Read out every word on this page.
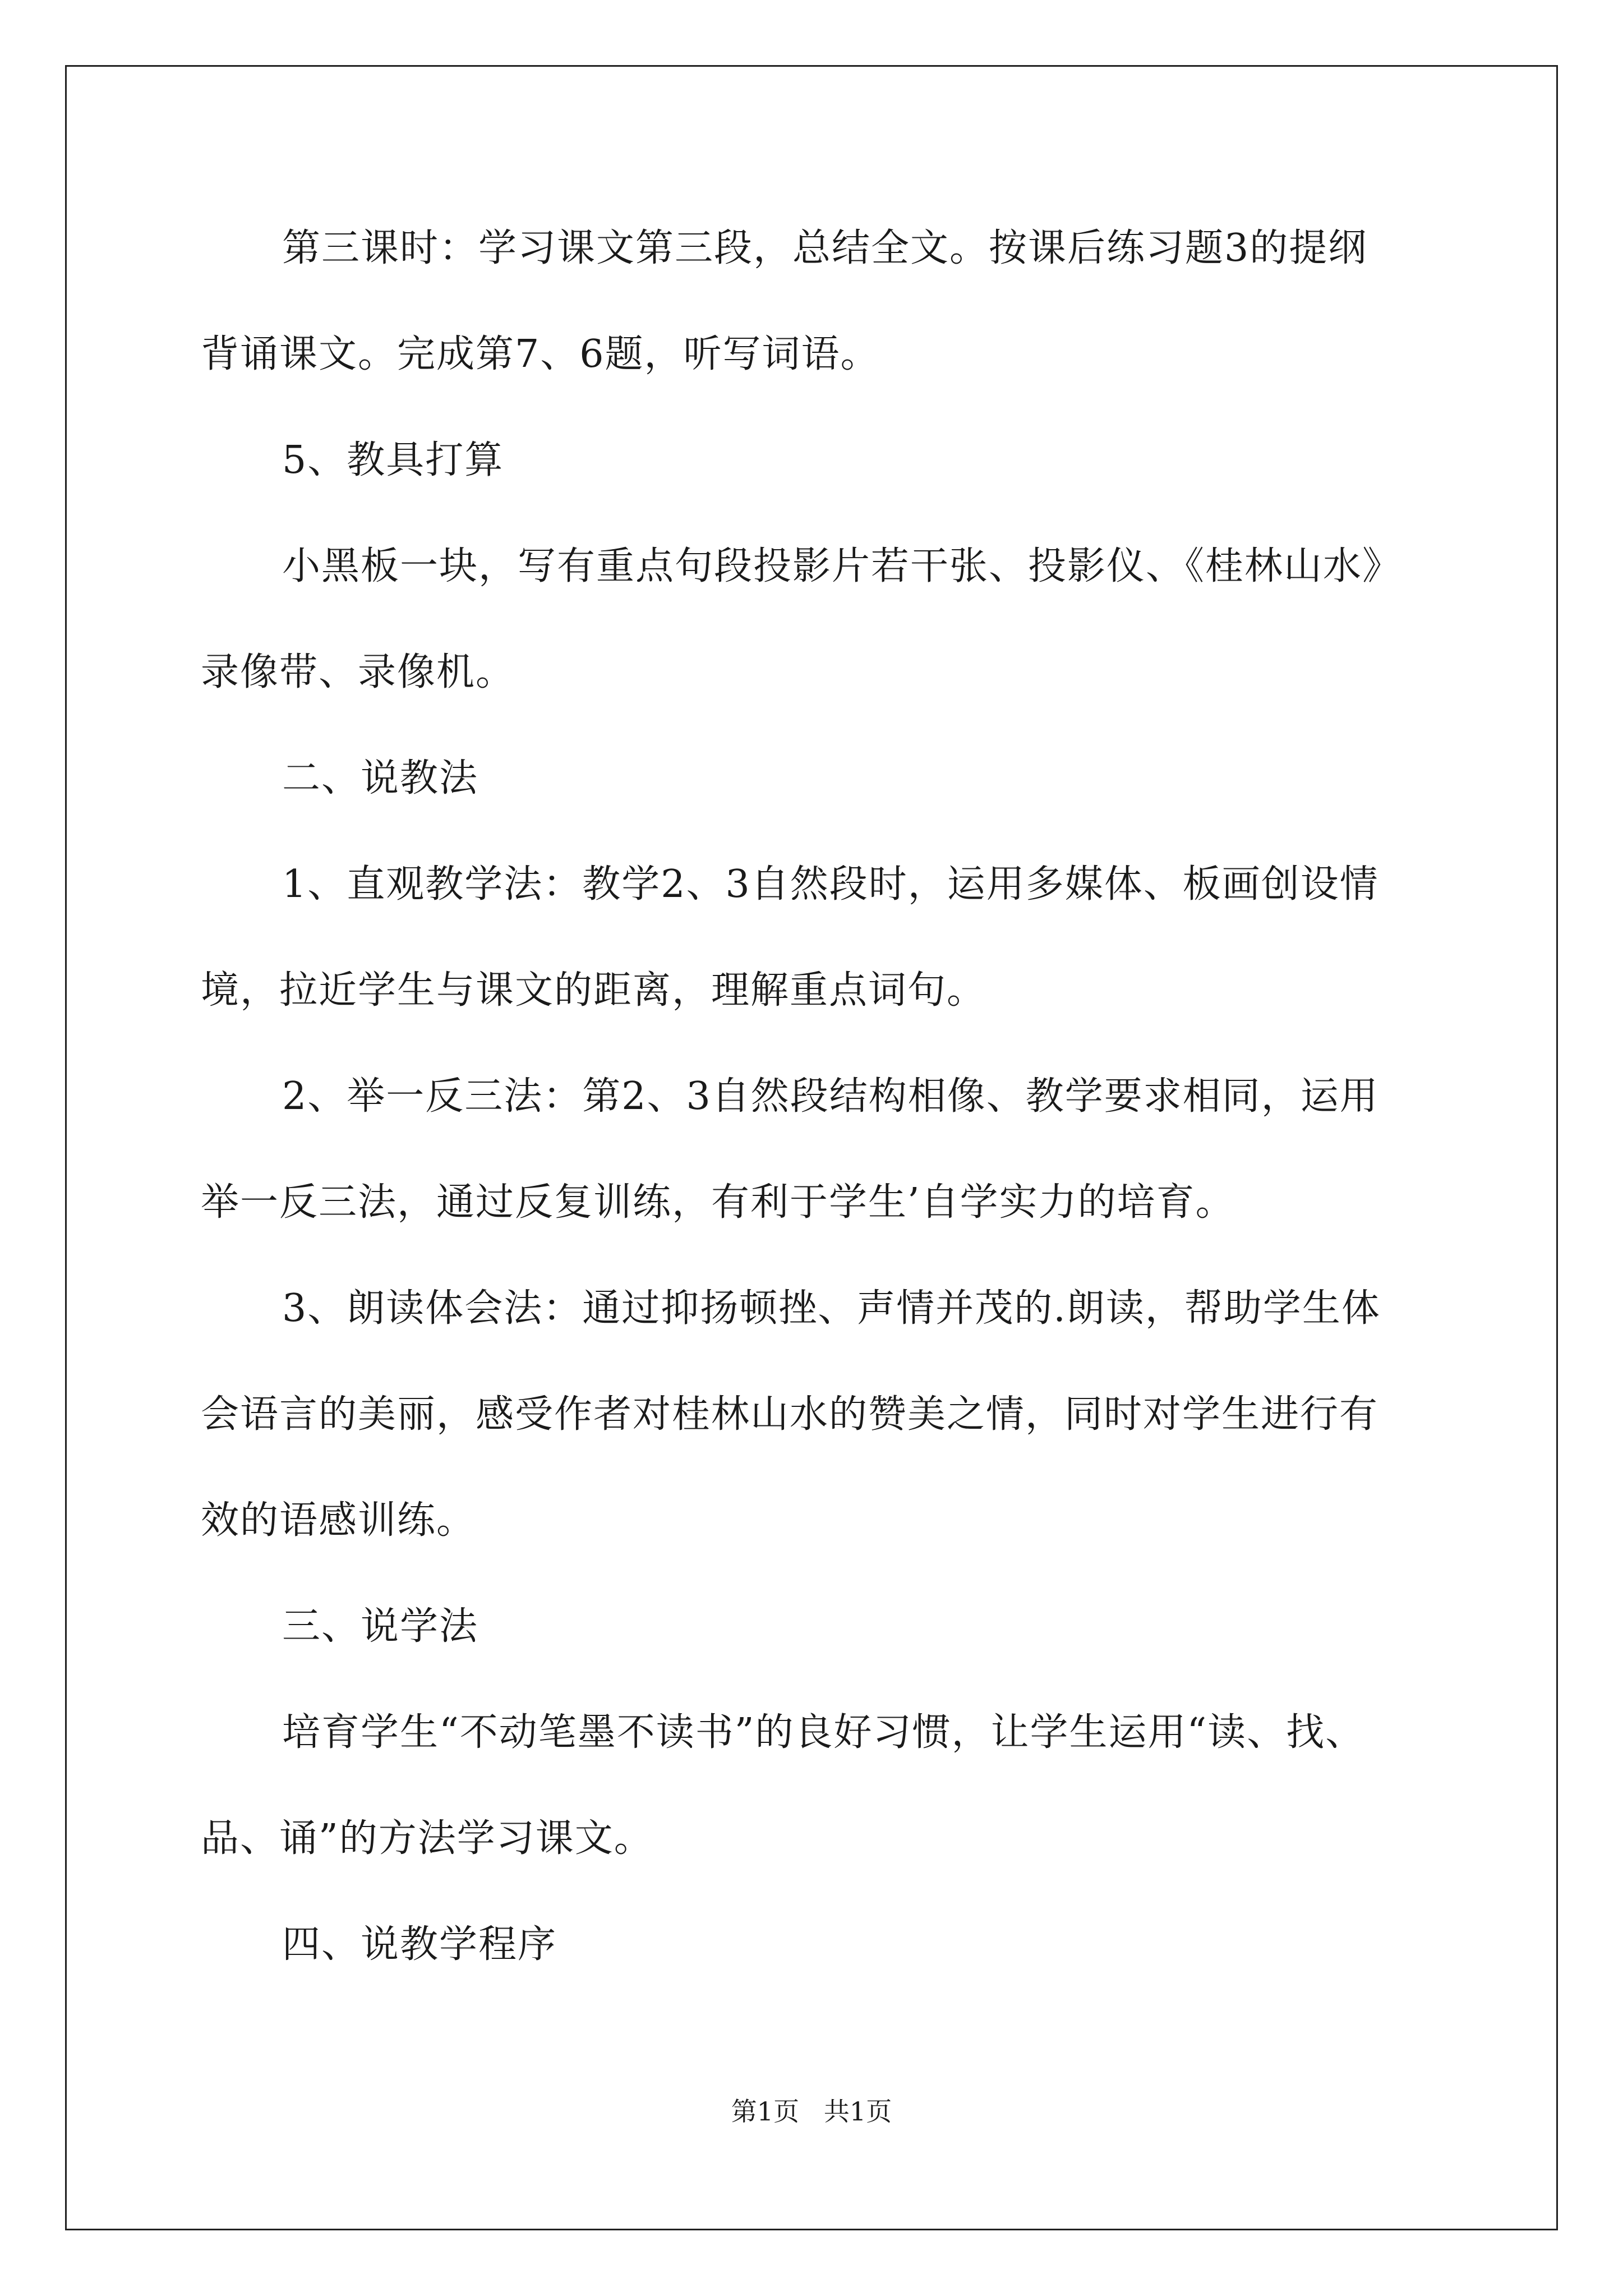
第三课时：学习课文第三段，总结全文。按课后练习题3的提纲
背诵课文。完成第7、6题，听写词语。
5、教具打算
小黑板一块，写有重点句段投影片若干张、投影仪、《桂林山水》
录像带、录像机。
二、说教法
1、直观教学法：教学2、3自然段时，运用多媒体、板画创设情
境，拉近学生与课文的距离，理解重点词句。
2、举一反三法：第2、3自然段结构相像、教学要求相同，运用
举一反三法，通过反复训练，有利于学生’自学实力的培育。
3、朗读体会法：通过抑扬顿挫、声情并茂的.朗读，帮助学生体
会语言的美丽，感受作者对桂林山水的赞美之情，同时对学生进行有
效的语感训练。
三、说学法
培育学生“不动笔墨不读书”的良好习惯，让学生运用“读、找、
品、诵”的方法学习课文。
四、说教学程序
第1页   共1页
